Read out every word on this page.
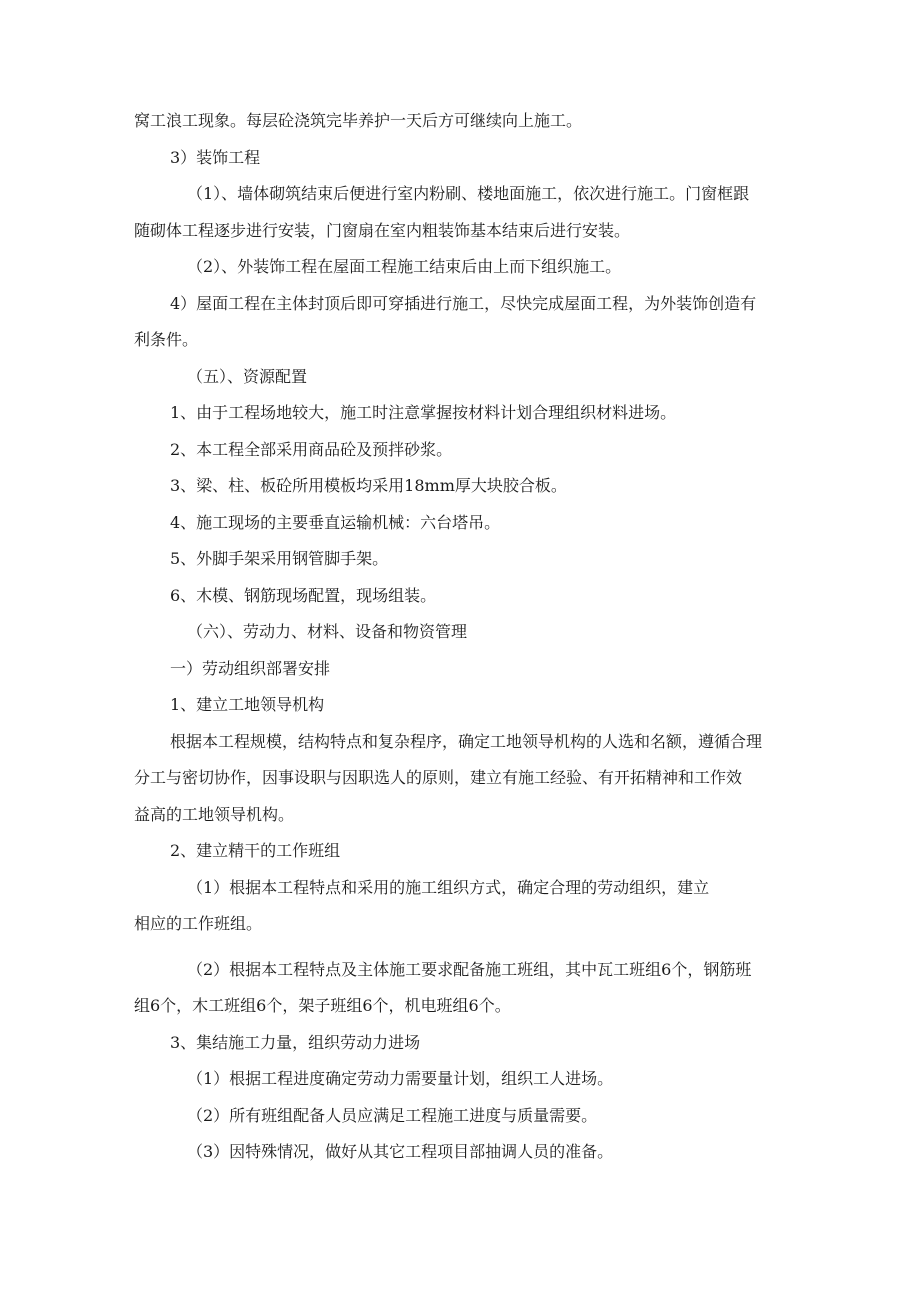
窝工浪工现象。每层砼浇筑完毕养护一天后方可继续向上施工。
3）装饰工程
（1）、墙体砌筑结束后便进行室内粉刷、楼地面施工，依次进行施工。门窗框跟
随砌体工程逐步进行安装，门窗扇在室内粗装饰基本结束后进行安装。
（2）、外装饰工程在屋面工程施工结束后由上而下组织施工。
4）屋面工程在主体封顶后即可穿插进行施工，尽快完成屋面工程，为外装饰创造有
利条件。
（五）、资源配置
1、由于工程场地较大，施工时注意掌握按材料计划合理组织材料进场。
2、本工程全部采用商品砼及预拌砂浆。
3、梁、柱、板砼所用模板均采用18mm厚大块胶合板。
4、施工现场的主要垂直运输机械：六台塔吊。
5、外脚手架采用钢管脚手架。
6、木模、钢筋现场配置，现场组装。
（六）、劳动力、材料、设备和物资管理
一）劳动组织部署安排
1、建立工地领导机构
根据本工程规模，结构特点和复杂程序，确定工地领导机构的人选和名额，遵循合理
分工与密切协作，因事设职与因职选人的原则，建立有施工经验、有开拓精神和工作效
益高的工地领导机构。
2、建立精干的工作班组
（1）根据本工程特点和采用的施工组织方式，确定合理的劳动组织，建立
相应的工作班组。
（2）根据本工程特点及主体施工要求配备施工班组，其中瓦工班组6个，钢筋班
组6个，木工班组6个，架子班组6个，机电班组6个。
3、集结施工力量，组织劳动力进场
（1）根据工程进度确定劳动力需要量计划，组织工人进场。
（2）所有班组配备人员应满足工程施工进度与质量需要。
（3）因特殊情况，做好从其它工程项目部抽调人员的准备。
